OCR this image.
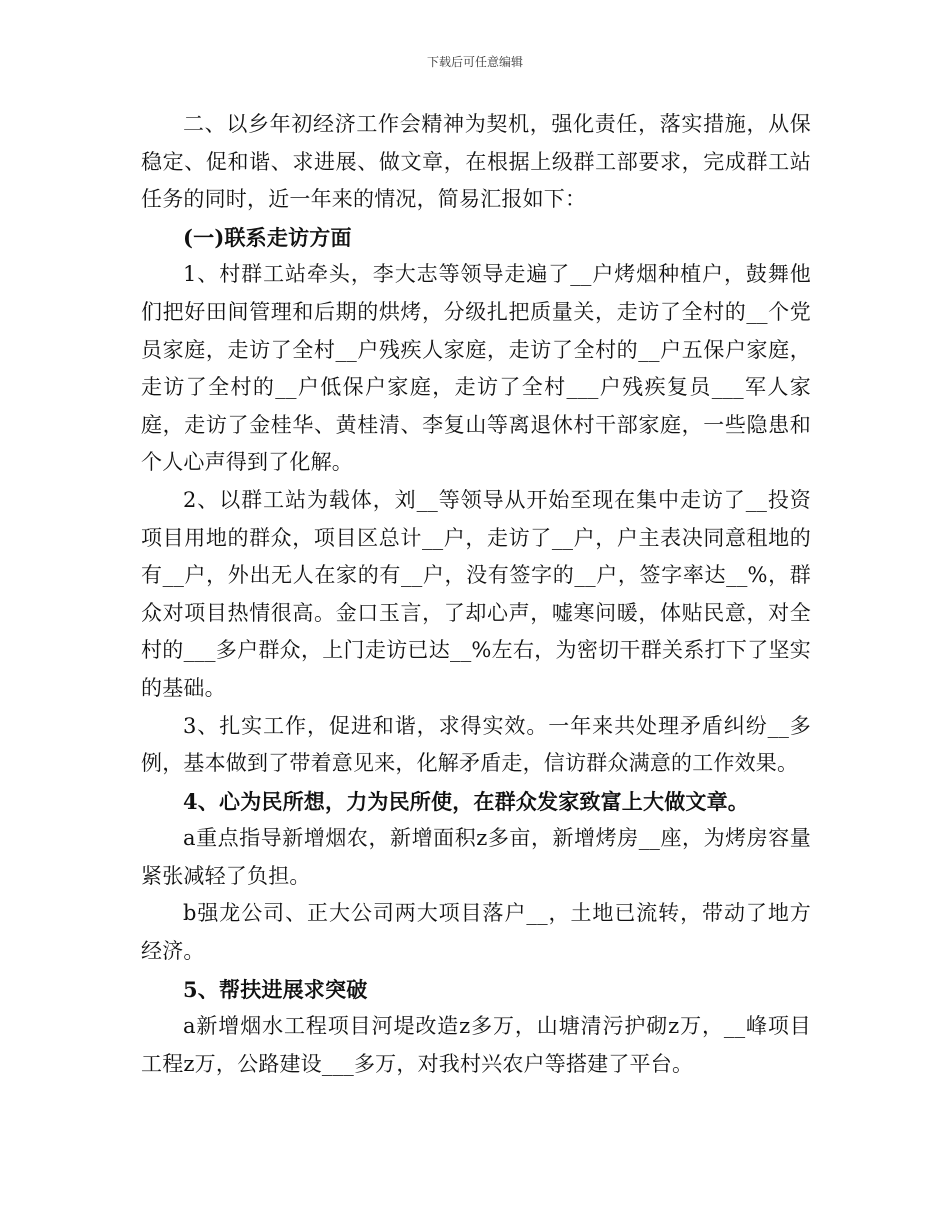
下载后可任意编辑

二、以乡年初经济工作会精神为契机，强化责任，落实措施，从保稳定、促和谐、求进展、做文章，在根据上级群工部要求，完成群工站任务的同时，近一年来的情况，简易汇报如下：

(一)联系走访方面

1、村群工站牵头，李大志等领导走遍了__户烤烟种植户，鼓舞他们把好田间管理和后期的烘烤，分级扎把质量关，走访了全村的__个党员家庭，走访了全村__户残疾人家庭，走访了全村的__户五保户家庭，走访了全村的__户低保户家庭，走访了全村___户残疾复员___军人家庭，走访了金桂华、黄桂清、李复山等离退休村干部家庭，一些隐患和个人心声得到了化解。

2、以群工站为载体，刘__等领导从开始至现在集中走访了__投资项目用地的群众，项目区总计__户，走访了__户，户主表决同意租地的有__户，外出无人在家的有__户，没有签字的__户，签字率达__%，群众对项目热情很高。金口玉言，了却心声，嘘寒问暖，体贴民意，对全村的___多户群众，上门走访已达__%左右，为密切干群关系打下了坚实的基础。

3、扎实工作，促进和谐，求得实效。一年来共处理矛盾纠纷__多例，基本做到了带着意见来，化解矛盾走，信访群众满意的工作效果。

4、心为民所想，力为民所使，在群众发家致富上大做文章。

a重点指导新增烟农，新增面积z多亩，新增烤房__座，为烤房容量紧张减轻了负担。

b强龙公司、正大公司两大项目落户__，土地已流转，带动了地方经济。

5、帮扶进展求突破

a新增烟水工程项目河堤改造z多万，山塘清污护砌z万，__峰项目工程z万，公路建设___多万，对我村兴农户等搭建了平台。
